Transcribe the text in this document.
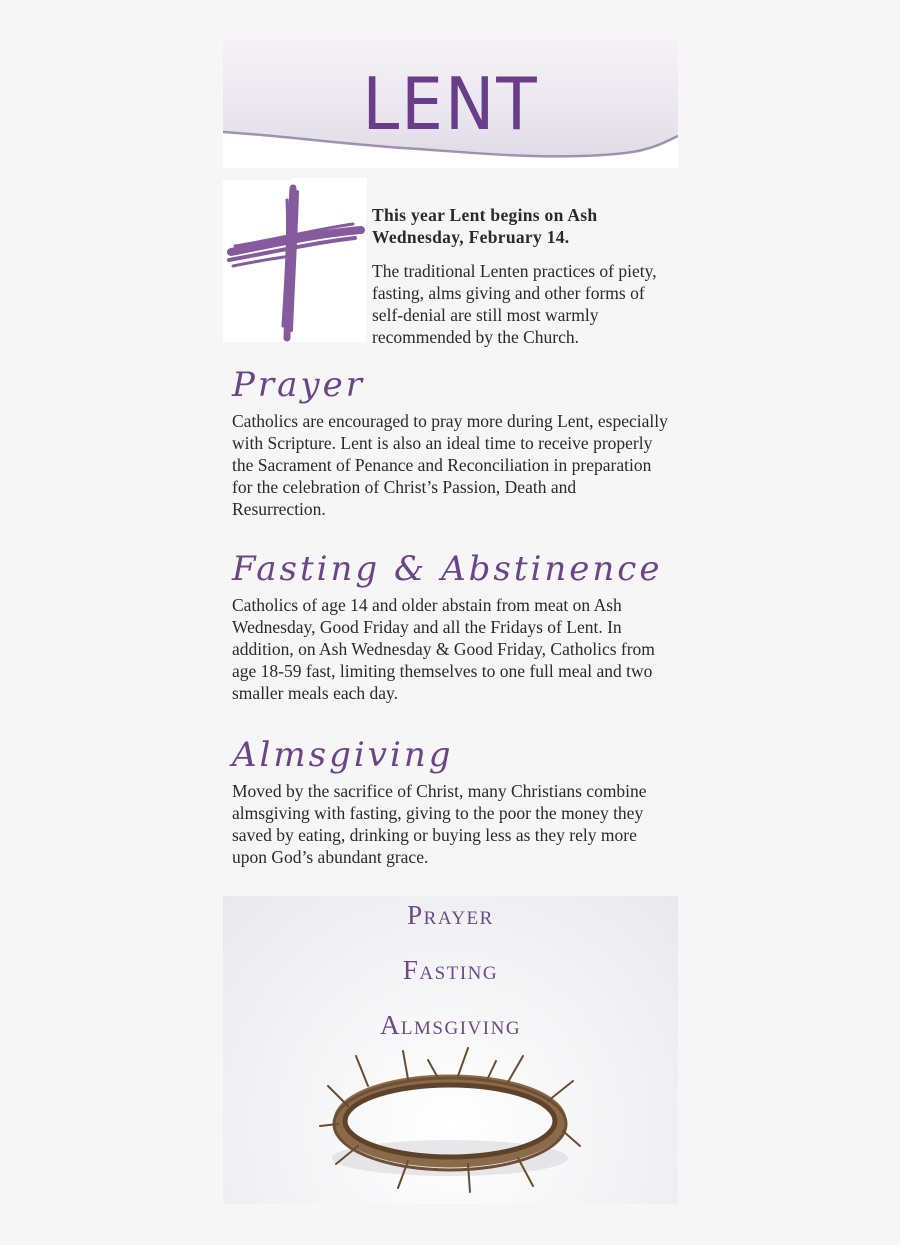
LENT

This year Lent begins on Ash Wednesday, February 14.

The traditional Lenten practices of piety, fasting, alms giving and other forms of self-denial are still most warmly recommended by the Church.

Prayer

Catholics are encouraged to pray more during Lent, especially with Scripture. Lent is also an ideal time to receive properly the Sacrament of Penance and Reconciliation in preparation for the celebration of Christ’s Passion, Death and Resurrection.

Fasting & Abstinence

Catholics of age 14 and older abstain from meat on Ash Wednesday, Good Friday and all the Fridays of Lent. In addition, on Ash Wednesday & Good Friday, Catholics from age 18-59 fast, limiting themselves to one full meal and two smaller meals each day.

Almsgiving

Moved by the sacrifice of Christ, many Christians combine almsgiving with fasting, giving to the poor the money they saved by eating, drinking or buying less as they rely more upon God’s abundant grace.

Prayer
Fasting
Almsgiving
